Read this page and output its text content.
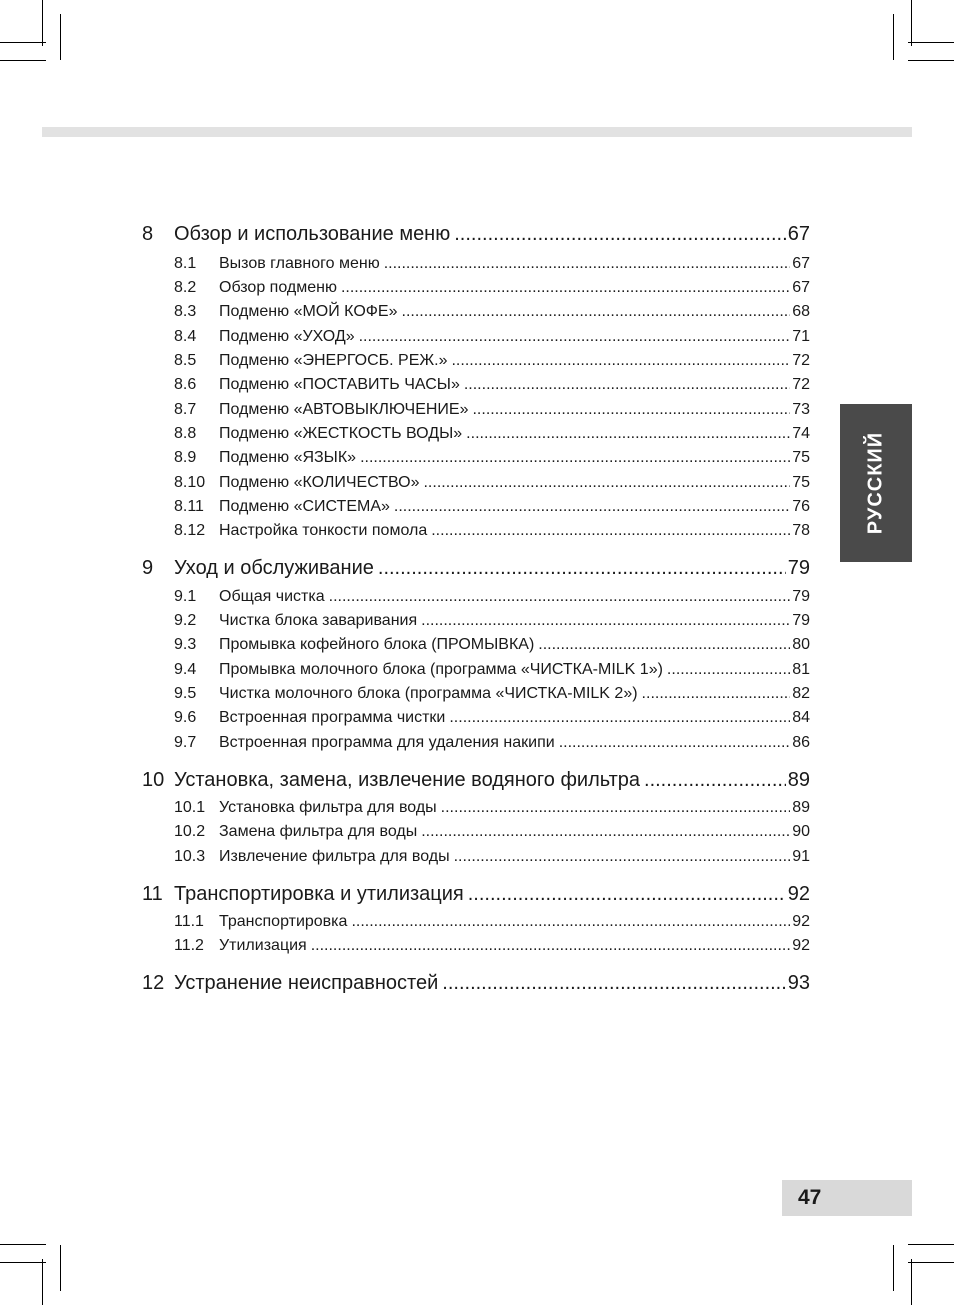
РУССКИЙ
8	Обзор и использование меню .....	67
8.1	Вызов главного меню .....	67
8.2	Обзор подменю .....	67
8.3	Подменю «МОЙ КОФЕ» .....	68
8.4	Подменю «УХОД» .....	71
8.5	Подменю «ЭНЕРГОСБ. РЕЖ.» .....	72
8.6	Подменю «ПОСТАВИТЬ ЧАСЫ» .....	72
8.7	Подменю «АВТОВЫКЛЮЧЕНИЕ» .....	73
8.8	Подменю «ЖЕСТКОСТЬ ВОДЫ» .....	74
8.9	Подменю «ЯЗЫК» .....	75
8.10 Подменю «КОЛИЧЕСТВО» .....	75
8.11 Подменю «СИСТЕМА» .....	76
8.12 Настройка тонкости помола .....	78
9	Уход и обслуживание .....	79
9.1	Общая чистка .....	79
9.2	Чистка блока заваривания .....	79
9.3	Промывка кофейного блока (ПРОМЫВКА) .....	80
9.4	Промывка молочного блока (программа «ЧИСТКА-MILK 1») .....	81
9.5	Чистка молочного блока (программа «ЧИСТКА-MILK 2») .....	82
9.6	Встроенная программа чистки .....	84
9.7	Встроенная программа для удаления накипи .....	86
10 Установка, замена, извлечение водяного фильтра .....	89
10.1 Установка фильтра для воды .....	89
10.2 Замена фильтра для воды .....	90
10.3 Извлечение фильтра для воды .....	91
11 Транспортировка и утилизация .....	92
11.1 Транспортировка .....	92
11.2 Утилизация .....	92
12 Устранение неисправностей .....	93
47
